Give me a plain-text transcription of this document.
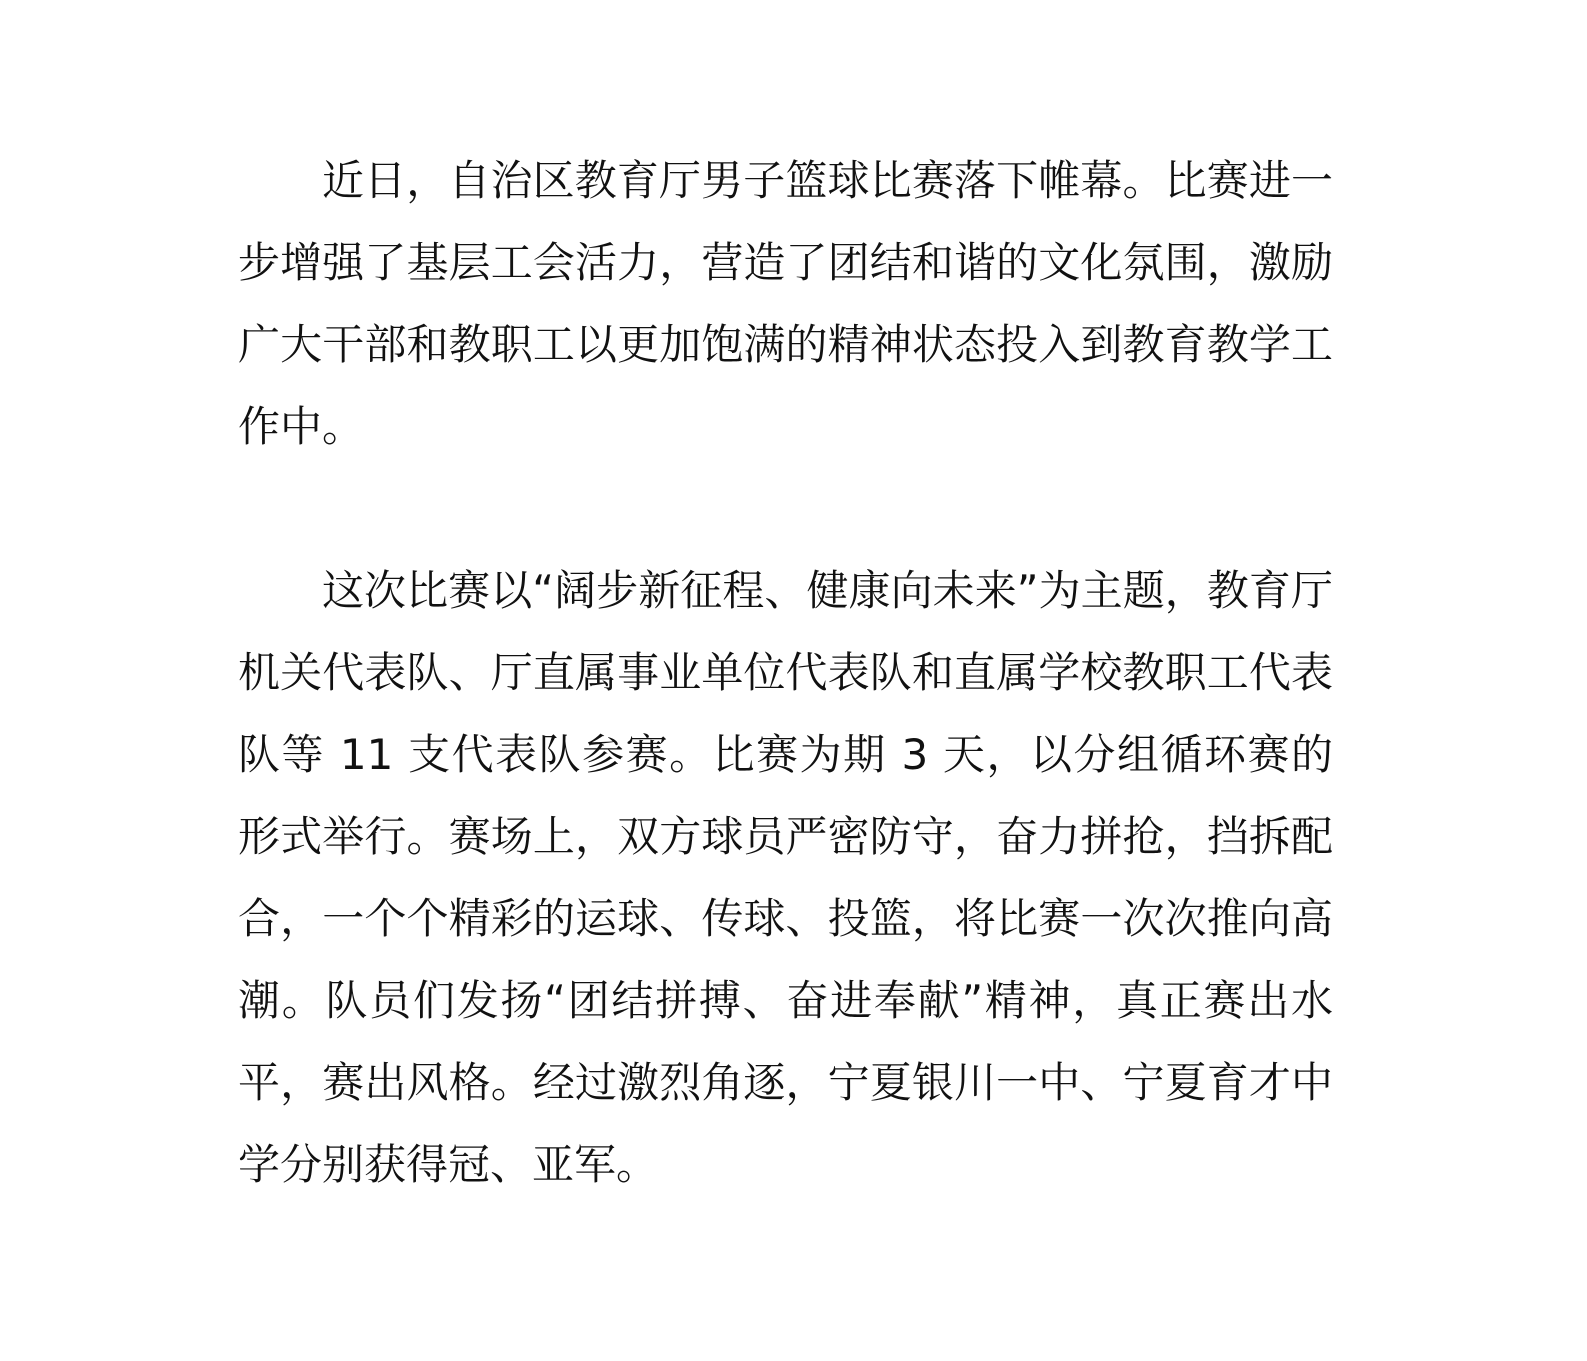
近日，自治区教育厅男子篮球比赛落下帷幕。比赛进一步增强了基层工会活力，营造了团结和谐的文化氛围，激励广大干部和教职工以更加饱满的精神状态投入到教育教学工作中。

这次比赛以“阔步新征程、健康向未来”为主题，教育厅机关代表队、厅直属事业单位代表队和直属学校教职工代表队等 11 支代表队参赛。比赛为期 3 天，以分组循环赛的形式举行。赛场上，双方球员严密防守，奋力拼抢，挡拆配合，一个个精彩的运球、传球、投篮，将比赛一次次推向高潮。队员们发扬“团结拼搏、奋进奉献”精神，真正赛出水平，赛出风格。经过激烈角逐，宁夏银川一中、宁夏育才中学分别获得冠、亚军。
